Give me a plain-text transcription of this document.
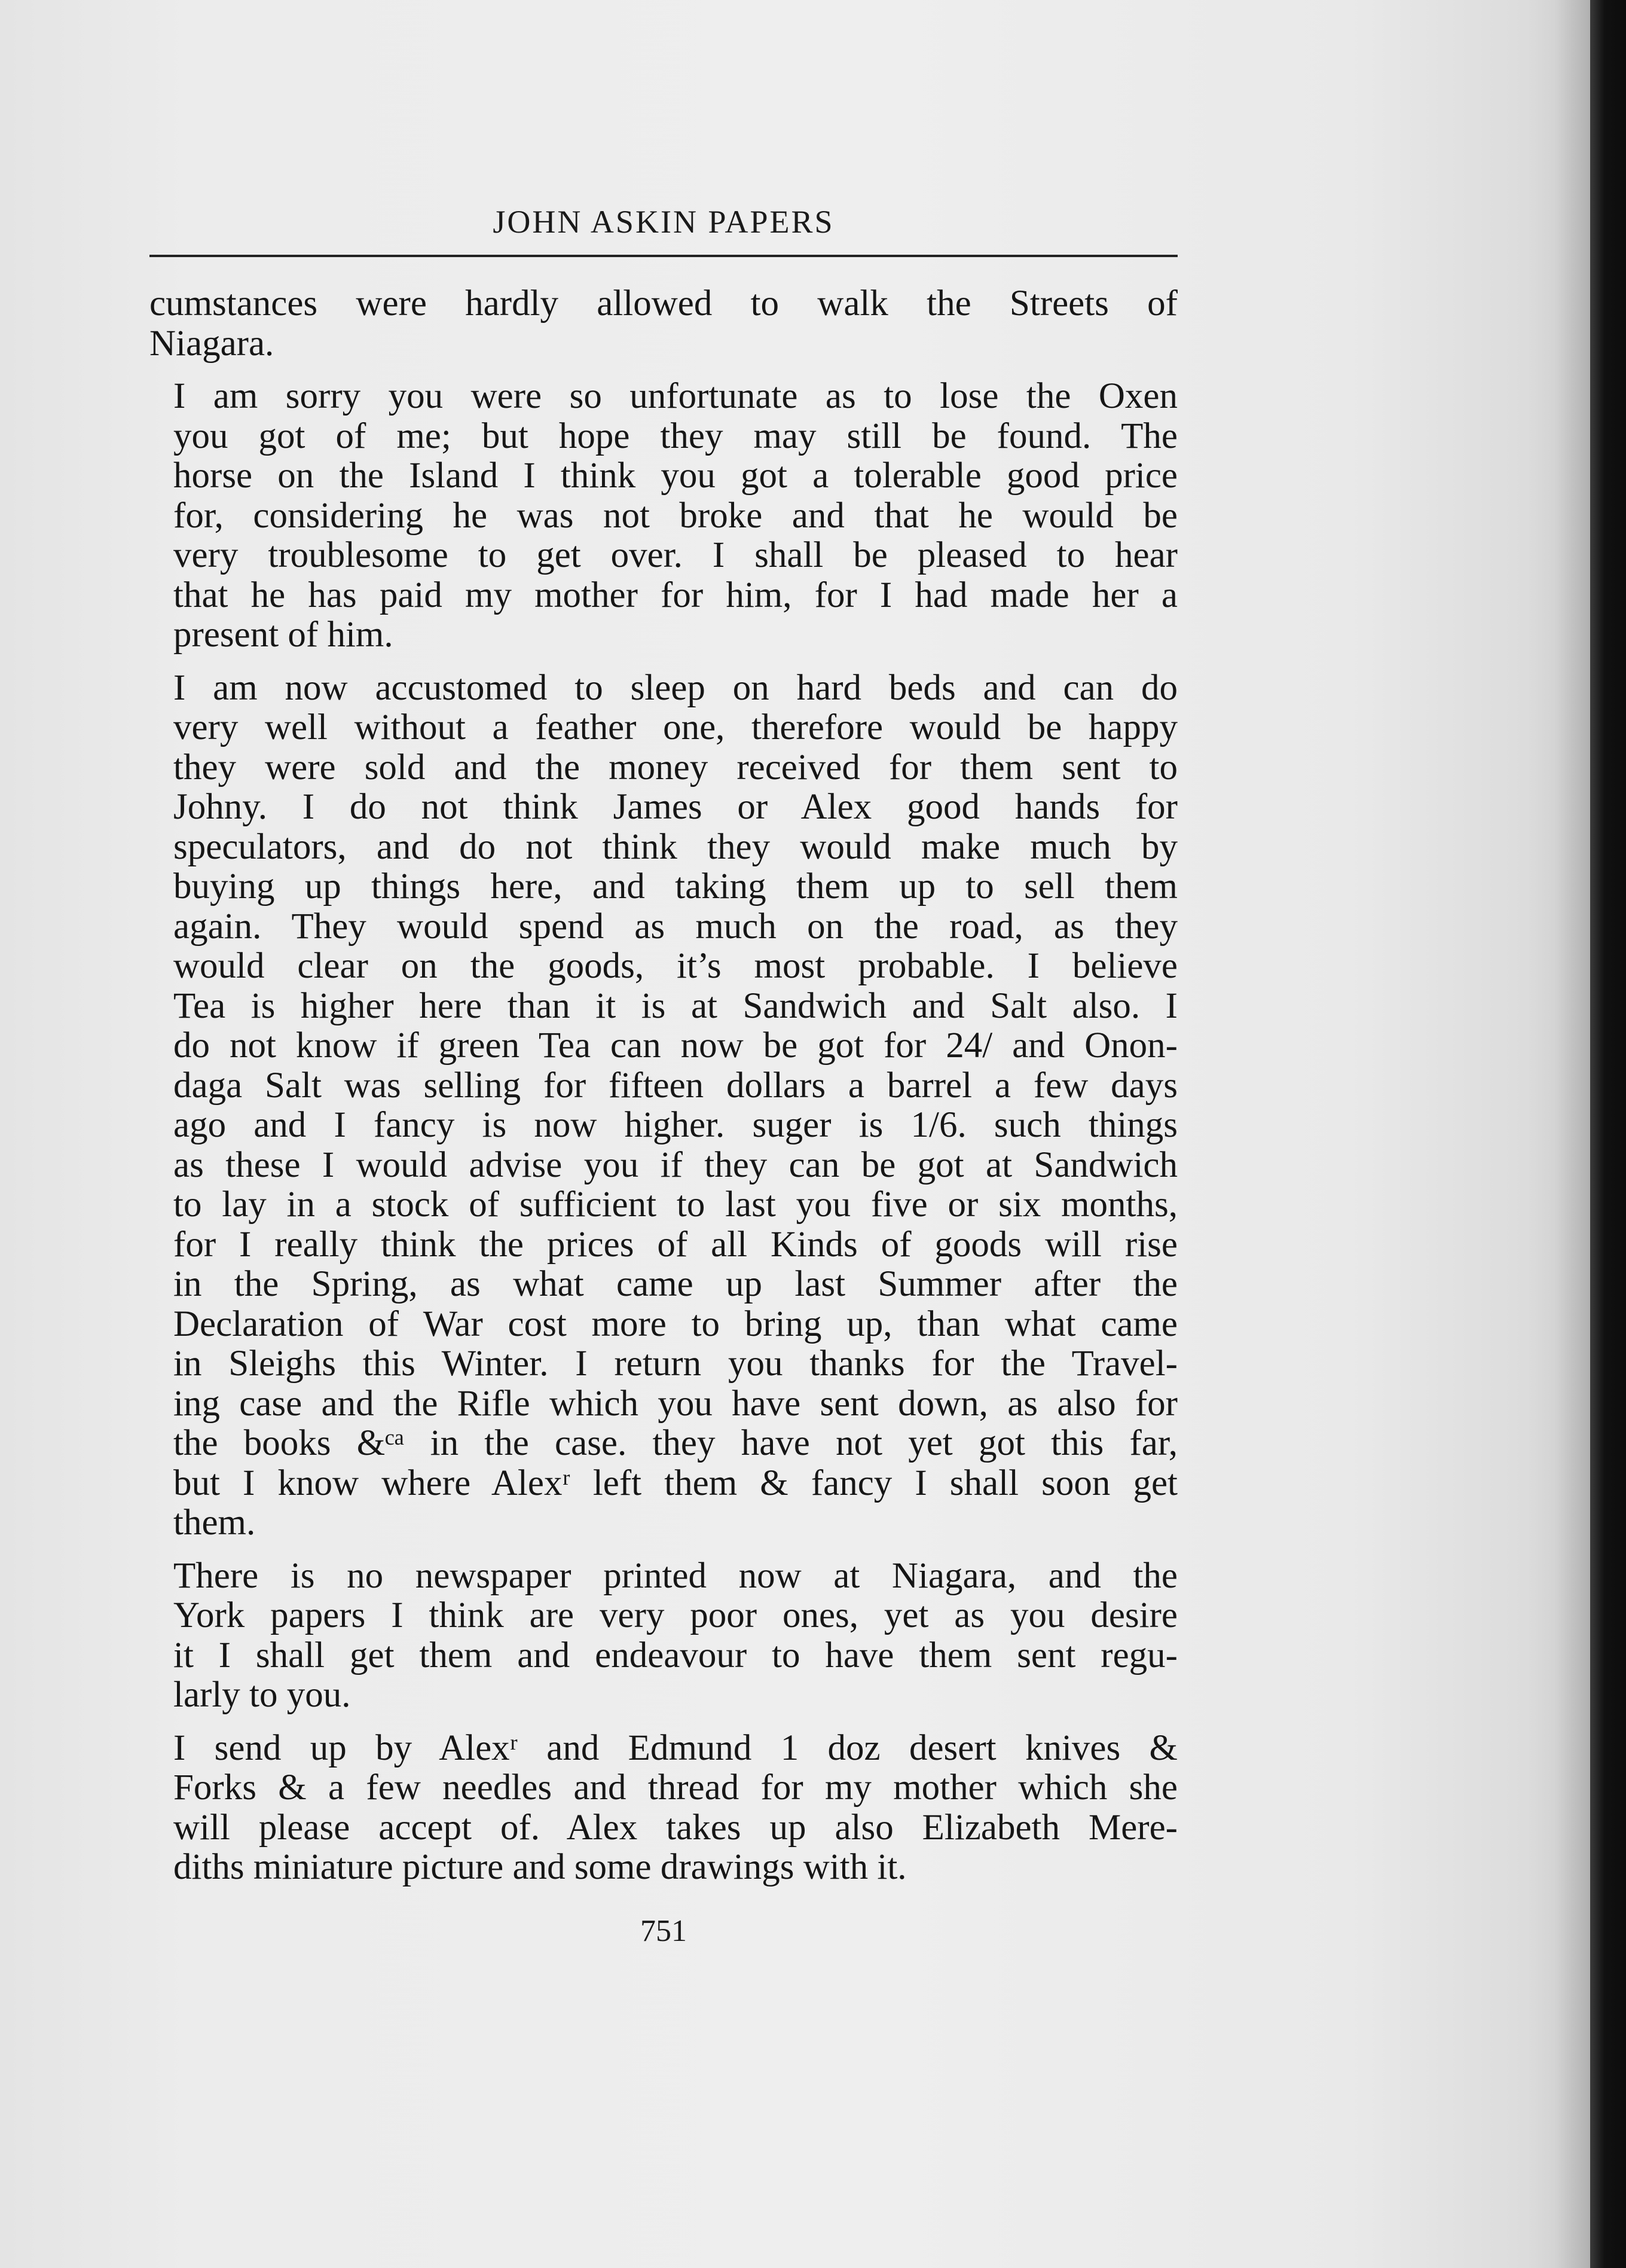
JOHN ASKIN PAPERS

cumstances were hardly allowed to walk the Streets of
Niagara.

I am sorry you were so unfortunate as to lose the Oxen
you got of me; but hope they may still be found. The
horse on the Island I think you got a tolerable good price
for, considering he was not broke and that he would be
very troublesome to get over. I shall be pleased to hear
that he has paid my mother for him, for I had made her a
present of him.

I am now accustomed to sleep on hard beds and can do
very well without a feather one, therefore would be happy
they were sold and the money received for them sent to
Johny. I do not think James or Alex good hands for
speculators, and do not think they would make much by
buying up things here, and taking them up to sell them
again. They would spend as much on the road, as they
would clear on the goods, it’s most probable. I believe
Tea is higher here than it is at Sandwich and Salt also. I
do not know if green Tea can now be got for 24/ and Onon-
daga Salt was selling for fifteen dollars a barrel a few days
ago and I fancy is now higher. suger is 1/6. such things
as these I would advise you if they can be got at Sandwich
to lay in a stock of sufficient to last you five or six months,
for I really think the prices of all Kinds of goods will rise
in the Spring, as what came up last Summer after the
Declaration of War cost more to bring up, than what came
in Sleighs this Winter. I return you thanks for the Travel-
ing case and the Rifle which you have sent down, as also for
the books &ᶜᵃ in the case. they have not yet got this far,
but I know where Alexʳ left them & fancy I shall soon get
them.

There is no newspaper printed now at Niagara, and the
York papers I think are very poor ones, yet as you desire
it I shall get them and endeavour to have them sent regu-
larly to you.

I send up by Alexʳ and Edmund 1 doz desert knives &
Forks & a few needles and thread for my mother which she
will please accept of. Alex takes up also Elizabeth Mere-
diths miniature picture and some drawings with it.

751
